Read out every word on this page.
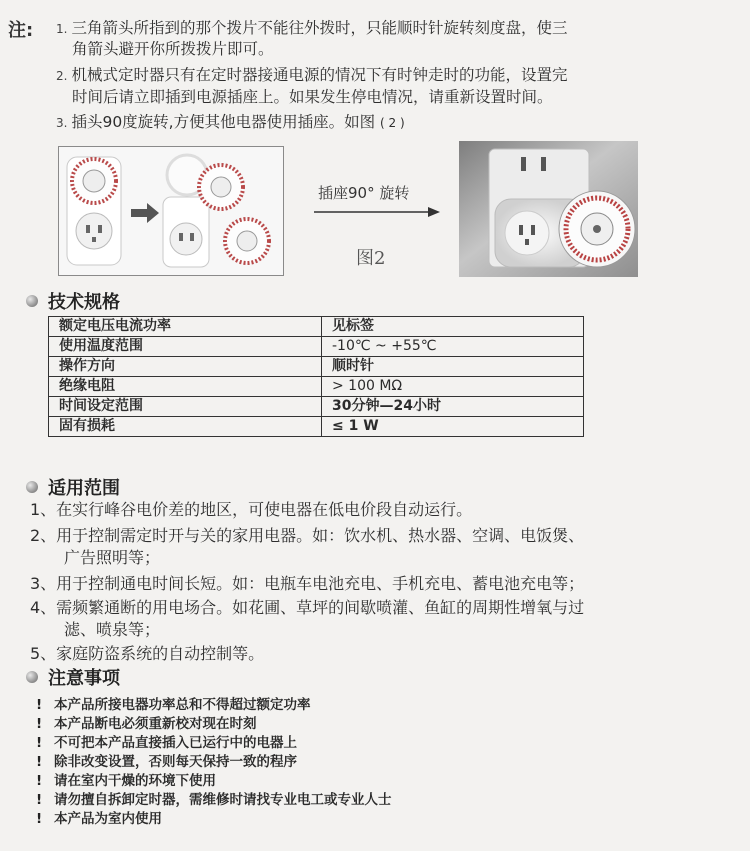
注: 1. 三角箭头所指到的那个拨片不能往外拨时，只能顺时针旋转刻度盘，使三
角箭头避开你所拨拨片即可。
2. 机械式定时器只有在定时器接通电源的情况下有时钟走时的功能，设置完
时间后请立即插到电源插座上。如果发生停电情况，请重新设置时间。
3. 插头90度旋转,方便其他电器使用插座。如图 ( 2 )
插座90° 旋转
图2
技术规格
额定电压电流功率	见标签
使用温度范围	-10℃ ~ +55℃
操作方向	顺时针
绝缘电阻	> 100 MΩ
时间设定范围	30分钟—24小时
固有损耗	≤ 1 W
适用范围
1、在实行峰谷电价差的地区，可使电器在低电价段自动运行。
2、用于控制需定时开与关的家用电器。如：饮水机、热水器、空调、电饭煲、
广告照明等；
3、用于控制通电时间长短。如：电瓶车电池充电、手机充电、蓄电池充电等；
4、需频繁通断的用电场合。如花圃、草坪的间歇喷灌、鱼缸的周期性增氧与过
滤、喷泉等；
5、家庭防盗系统的自动控制等。
注意事项
! 本产品所接电器功率总和不得超过额定功率
! 本产品断电必须重新校对现在时刻
! 不可把本产品直接插入已运行中的电器上
! 除非改变设置，否则每天保持一致的程序
! 请在室内干燥的环境下使用
! 请勿擅自拆卸定时器，需维修时请找专业电工或专业人士
! 本产品为室内使用
